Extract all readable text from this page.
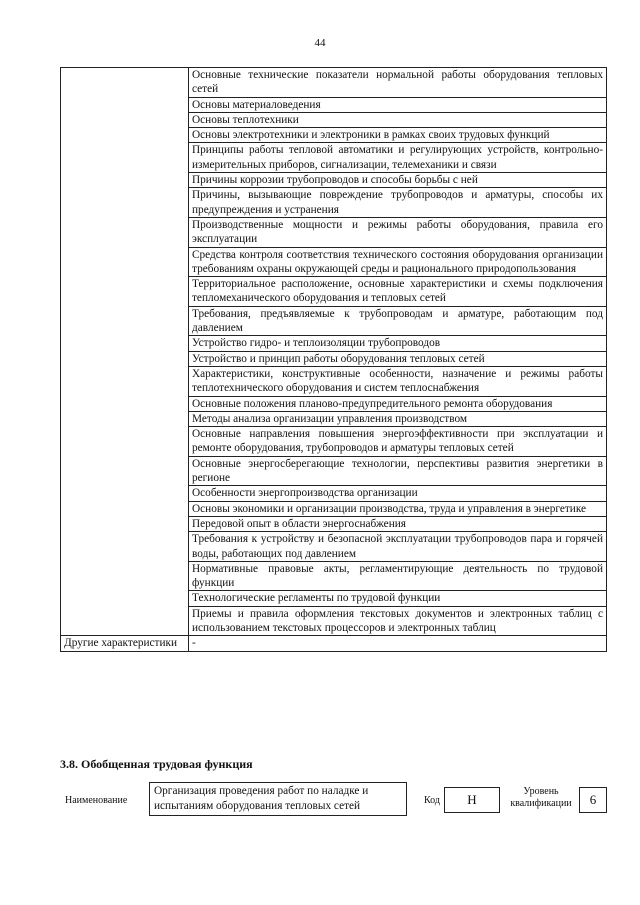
44
	Основные технические показатели нормальной работы оборудования тепловых сетей
	Основы материаловедения
	Основы теплотехники
	Основы электротехники и электроники в рамках своих трудовых функций
	Принципы работы тепловой автоматики и регулирующих устройств, контрольно-измерительных приборов, сигнализации, телемеханики и связи
	Причины коррозии трубопроводов и способы борьбы с ней
	Причины, вызывающие повреждение трубопроводов и арматуры, способы их предупреждения и устранения
	Производственные мощности и режимы работы оборудования, правила его эксплуатации
	Средства контроля соответствия технического состояния оборудования организации требованиям охраны окружающей среды и рационального природопользования
	Территориальное расположение, основные характеристики и схемы подключения тепломеханического оборудования и тепловых сетей
	Требования, предъявляемые к трубопроводам и арматуре, работающим под давлением
	Устройство гидро- и теплоизоляции трубопроводов
	Устройство и принцип работы оборудования тепловых сетей
	Характеристики, конструктивные особенности, назначение и режимы работы теплотехнического оборудования и систем теплоснабжения
	Основные положения планово-предупредительного ремонта оборудования
	Методы анализа организации управления производством
	Основные направления повышения энергоэффективности при эксплуатации и ремонте оборудования, трубопроводов и арматуры тепловых сетей
	Основные энергосберегающие технологии, перспективы развития энергетики в регионе
	Особенности энергопроизводства организации
	Основы экономики и организации производства, труда и управления в энергетике
	Передовой опыт в области энергоснабжения
	Требования к устройству и безопасной эксплуатации трубопроводов пара и горячей воды, работающих под давлением
	Нормативные правовые акты, регламентирующие деятельность по трудовой функции
	Технологические регламенты по трудовой функции
	Приемы и правила оформления текстовых документов и электронных таблиц с использованием текстовых процессоров и электронных таблиц
Другие характеристики	-
3.8. Обобщенная трудовая функция
Наименование
Организация проведения работ по наладке и испытаниям оборудования тепловых сетей	Код	H
Уровень квалификации	6
